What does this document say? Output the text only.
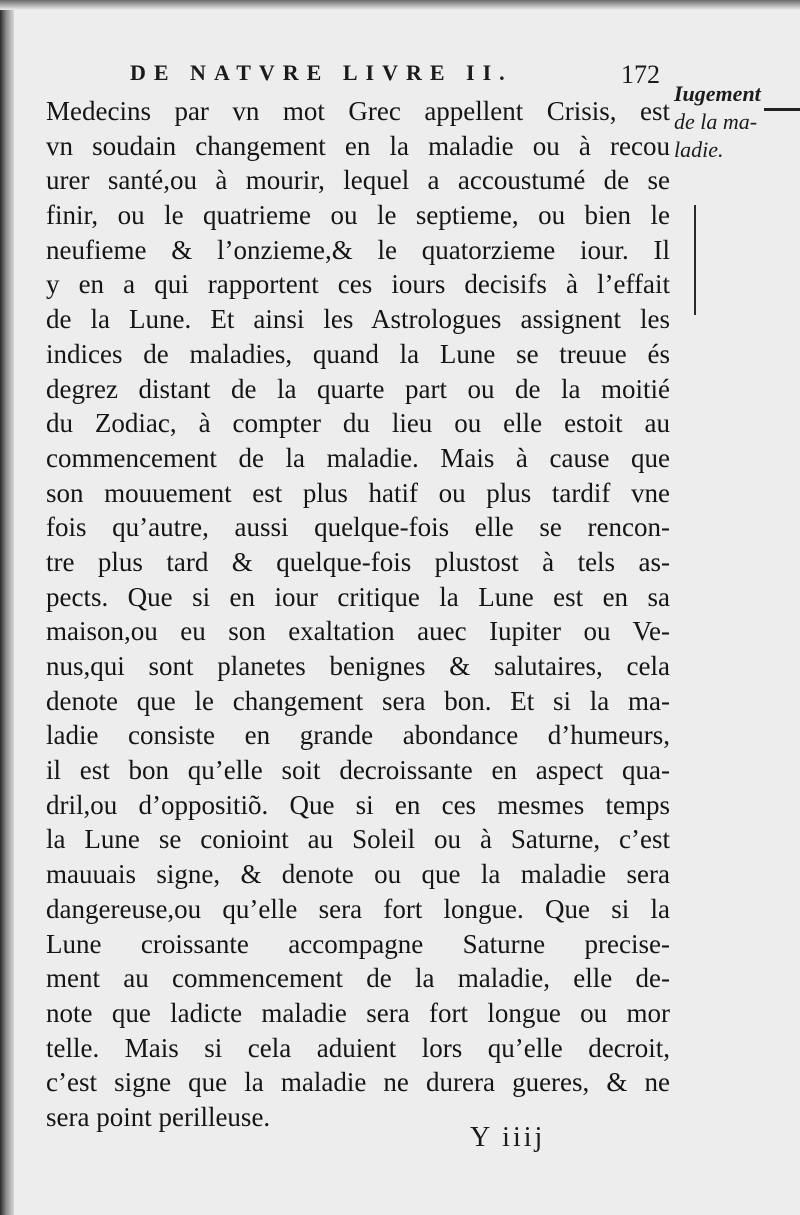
DE NATVRE LIVRE II.	172
Iugement
de la ma-
ladie.
Medecins par vn mot Grec appellent Crisis, est
vn soudain changement en la maladie ou à recou
urer santé,ou à mourir, lequel a accoustumé de se
finir, ou le quatrieme ou le septieme, ou bien le
neufieme & l’onzieme,& le quatorzieme iour. Il
y en a qui rapportent ces iours decisifs à l’effait
de la Lune. Et ainsi les Astrologues assignent les
indices de maladies, quand la Lune se treuue és
degrez distant de la quarte part ou de la moitié
du Zodiac, à compter du lieu ou elle estoit au
commencement de la maladie. Mais à cause que
son mouuement est plus hatif ou plus tardif vne
fois qu’autre, aussi quelque-fois elle se rencon-
tre plus tard & quelque-fois plustost à tels as-
pects. Que si en iour critique la Lune est en sa
maison,ou eu son exaltation auec Iupiter ou Ve-
nus,qui sont planetes benignes & salutaires, cela
denote que le changement sera bon. Et si la ma-
ladie consiste en grande abondance d’humeurs,
il est bon qu’elle soit decroissante en aspect qua-
dril,ou d’oppositiõ. Que si en ces mesmes temps
la Lune se conioint au Soleil ou à Saturne, c’est
mauuais signe, & denote ou que la maladie sera
dangereuse,ou qu’elle sera fort longue. Que si la
Lune croissante accompagne Saturne precise-
ment au commencement de la maladie, elle de-
note que ladicte maladie sera fort longue ou mor
telle. Mais si cela aduient lors qu’elle decroit,
c’est signe que la maladie ne durera gueres, & ne
sera point perilleuse.
Y iiij
